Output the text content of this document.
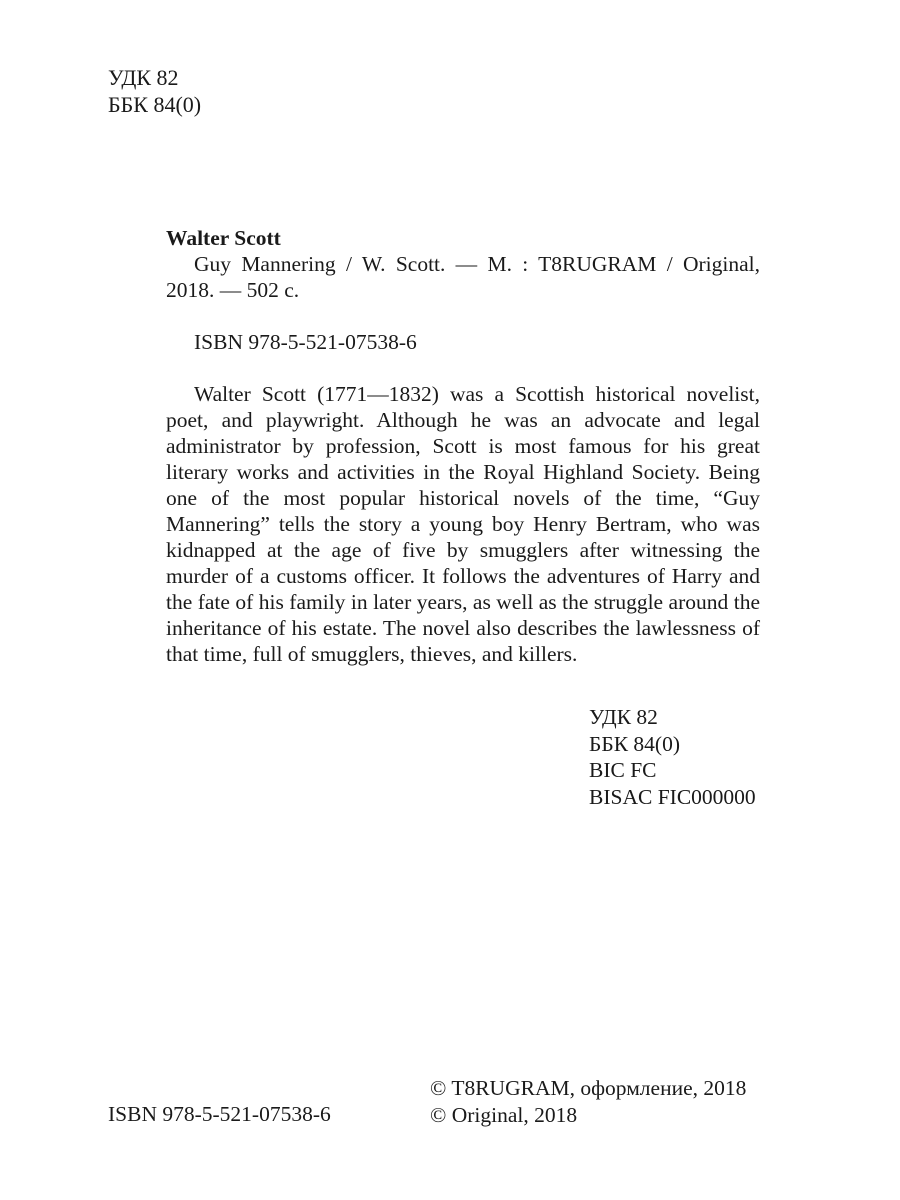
УДК 82
ББК 84(0)
Walter Scott
Guy Mannering / W. Scott. — M. : T8RUGRAM / Original, 2018. — 502 c.
ISBN 978-5-521-07538-6
Walter Scott (1771—1832) was a Scottish historical novelist, poet, and playwright. Although he was an advocate and legal administrator by profession, Scott is most famous for his great literary works and activities in the Royal Highland Society. Being one of the most popular historical novels of the time, “Guy Mannering” tells the story a young boy Henry Bertram, who was kidnapped at the age of five by smugglers after witnessing the murder of a customs officer. It follows the adventures of Harry and the fate of his family in later years, as well as the struggle around the inheritance of his estate. The novel also describes the lawlessness of that time, full of smugglers, thieves, and killers.
УДК 82
ББК 84(0)
BIC FC
BISAC FIC000000
ISBN 978-5-521-07538-6
© T8RUGRAM, оформление, 2018
© Original, 2018
